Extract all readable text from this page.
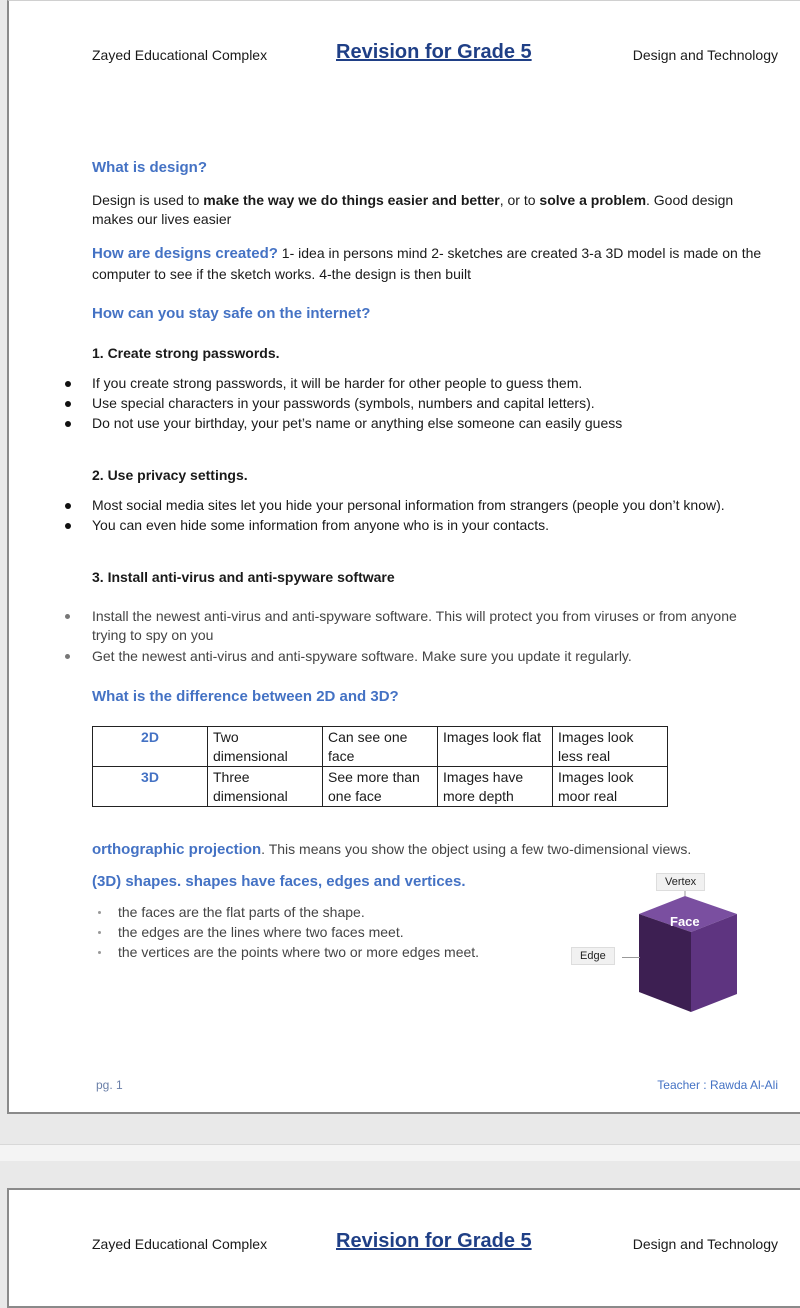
Zayed Educational Complex	Revision for Grade 5	Design and Technology
What is design?
Design is used to make the way we do things easier and better, or to solve a problem. Good design makes our lives easier
How are designs created? 1- idea in persons mind 2- sketches are created 3-a 3D model is made on the computer to see if the sketch works. 4-the design is then built
How can you stay safe on the internet?
1. Create strong passwords.
If you create strong passwords, it will be harder for other people to guess them.
Use special characters in your passwords (symbols, numbers and capital letters).
Do not use your birthday, your pet’s name or anything else someone can easily guess
2. Use privacy settings.
Most social media sites let you hide your personal information from strangers (people you don’t know).
You can even hide some information from anyone who is in your contacts.
3. Install anti-virus and anti-spyware software
Install the newest anti-virus and anti-spyware software. This will protect you from viruses or from anyone trying to spy on you
Get the newest anti-virus and anti-spyware software. Make sure you update it regularly.
What is the difference between 2D and 3D?
2D	Two dimensional	Can see one face	Images look flat	Images look less real
3D	Three dimensional	See more than one face	Images have more depth	Images look moor real
orthographic projection. This means you show the object using a few two-dimensional views.
(3D) shapes. shapes have faces, edges and vertices.
the faces are the flat parts of the shape.
the edges are the lines where two faces meet.
the vertices are the points where two or more edges meet.
Vertex
Face
Edge
pg. 1	Teacher : Rawda Al-Ali
Zayed Educational Complex	Revision for Grade 5	Design and Technology
